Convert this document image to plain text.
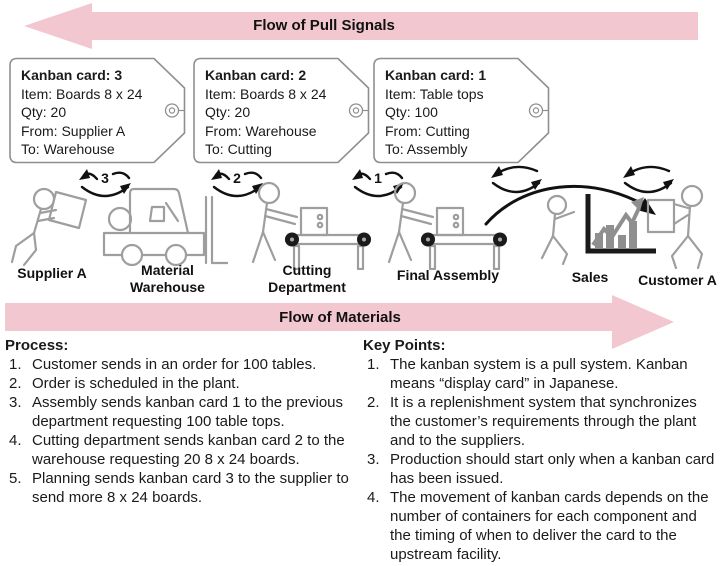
Flow of Pull Signals
Kanban card: 3
Item: Boards 8 x 24
Qty: 20
From: Supplier A
To: Warehouse
Kanban card: 2
Item: Boards 8 x 24
Qty: 20
From: Warehouse
To: Cutting
Kanban card: 1
Item: Table tops
Qty: 100
From: Cutting
To: Assembly
3	2	1
Supplier A	Material Warehouse
Cutting Department
Final Assembly	Sales	Customer A
Flow of Materials
Process:
1. Customer sends in an order for 100 tables.
2. Order is scheduled in the plant.
3. Assembly sends kanban card 1 to the previous department requesting 100 table tops.
4. Cutting department sends kanban card 2 to the warehouse requesting 20 8 x 24 boards.
5. Planning sends kanban card 3 to the supplier to send more 8 x 24 boards.
Key Points:
1. The kanban system is a pull system. Kanban means “display card” in Japanese.
2. It is a replenishment system that synchronizes the customer’s requirements through the plant and to the suppliers.
3. Production should start only when a kanban card has been issued.
4. The movement of kanban cards depends on the number of containers for each component and the timing of when to deliver the card to the upstream facility.
